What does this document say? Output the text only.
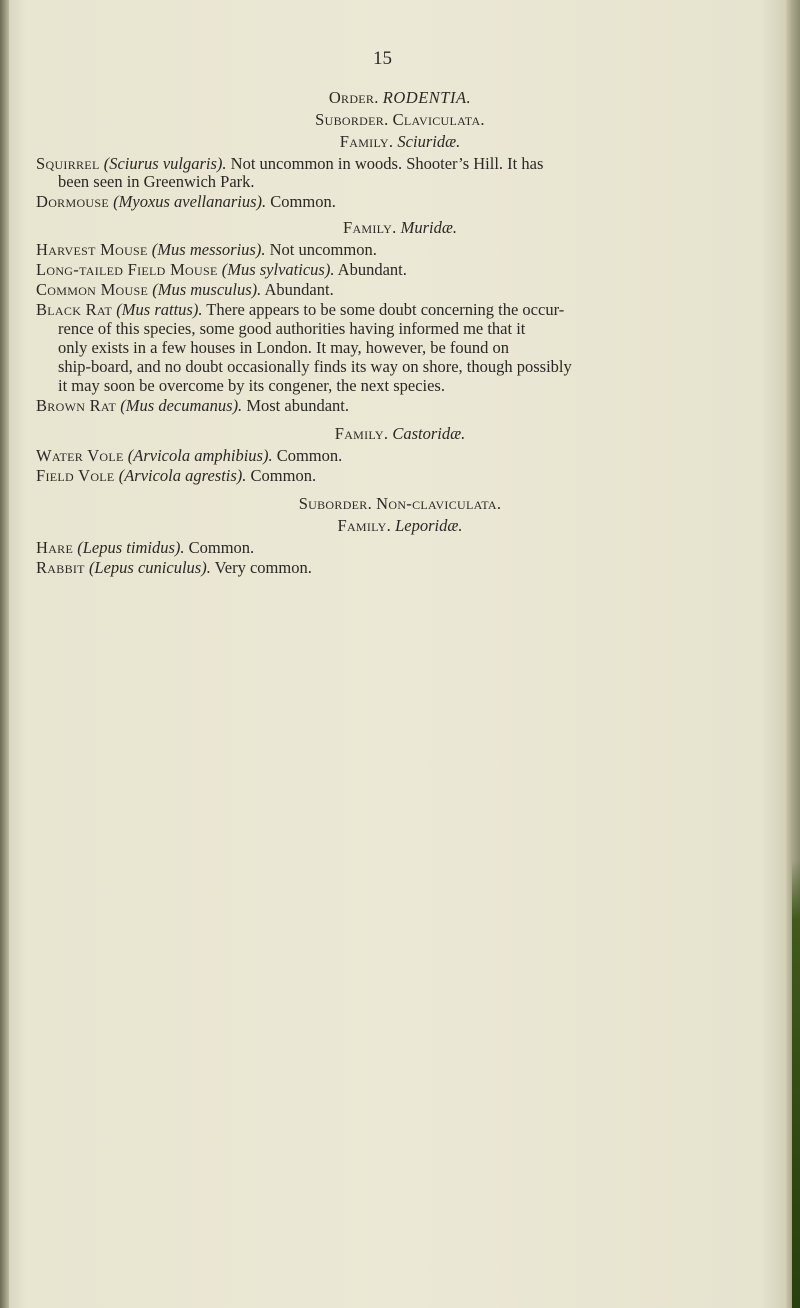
15
Order. RODENTIA.
Suborder. Claviculata.
Family. Sciuridæ.
Squirrel (Sciurus vulgaris). Not uncommon in woods. Shooter’s Hill. It has
been seen in Greenwich Park.
Dormouse (Myoxus avellanarius). Common.
Family. Muridæ.
Harvest Mouse (Mus messorius). Not uncommon.
Long-tailed Field Mouse (Mus sylvaticus). Abundant.
Common Mouse (Mus musculus). Abundant.
Black Rat (Mus rattus). There appears to be some doubt concerning the occur-
rence of this species, some good authorities having informed me that it
only exists in a few houses in London. It may, however, be found on
ship-board, and no doubt occasionally finds its way on shore, though possibly
it may soon be overcome by its congener, the next species.
Brown Rat (Mus decumanus). Most abundant.
Family. Castoridæ.
Water Vole (Arvicola amphibius). Common.
Field Vole (Arvicola agrestis). Common.
Suborder. Non-claviculata.
Family. Leporidæ.
Hare (Lepus timidus). Common.
Rabbit (Lepus cuniculus). Very common.
